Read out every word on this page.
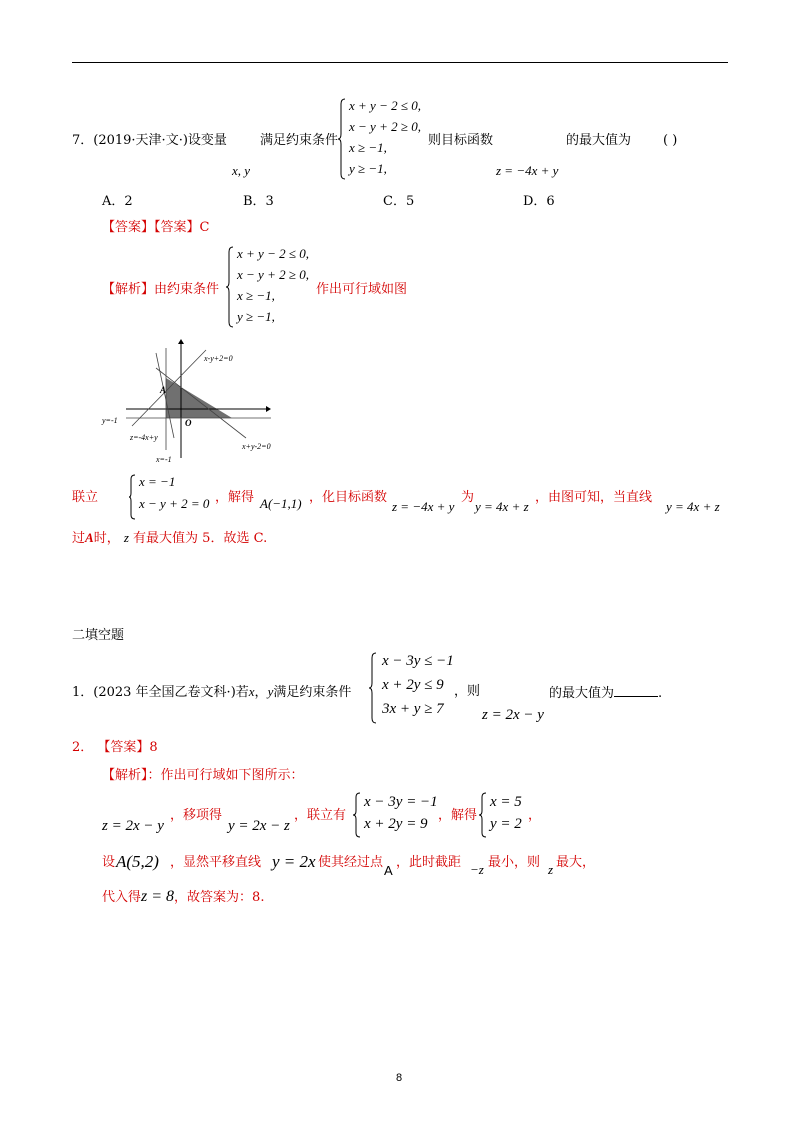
7．(2019·天津·文·)设变量
x, y
满足约束条件
x + y − 2 ≤ 0,
x − y + 2 ≥ 0,
x ≥ −1,
y ≥ −1,
则目标函数
z = −4x + y
的最大值为 ( )
A．2	B．3	C．5	D．6
【答案】【答案】C
【解析】由约束条件
x + y − 2 ≤ 0,
x − y + 2 ≥ 0,
x ≥ −1,
y ≥ −1,
作出可行域如图
x-y+2=0
A
y=-1
z=-4x+y
O
x+y-2=0
x=-1
联立
x = −1
x − y + 2 = 0 ，解得 A(−1,1) ，化目标函数
z = −4x + y
为
y = 4x + z
，由图可知，当直线
y = 4x + z
过A时， z 有最大值为 5．故选 C.
二填空题
1．(2023 年全国乙卷文科·)若x，y满足约束条件
x − 3y ≤ −1
x + 2y ≤ 9
3x + y ≥ 7
，则
z = 2x − y
的最大值为	.
2． 【答案】8
【解析】：作出可行域如下图所示：
z = 2x − y
，移项得
y = 2x − z
，联立有
x − 3y = −1
x + 2y = 9
，解得
x = 5
y = 2
，
设 A(5,2) ，显然平移直线 y = 2x 使其经过点
A
，此时截距 −z 最小，则 z 最大，
代入得z = 8，故答案为：8.
8
